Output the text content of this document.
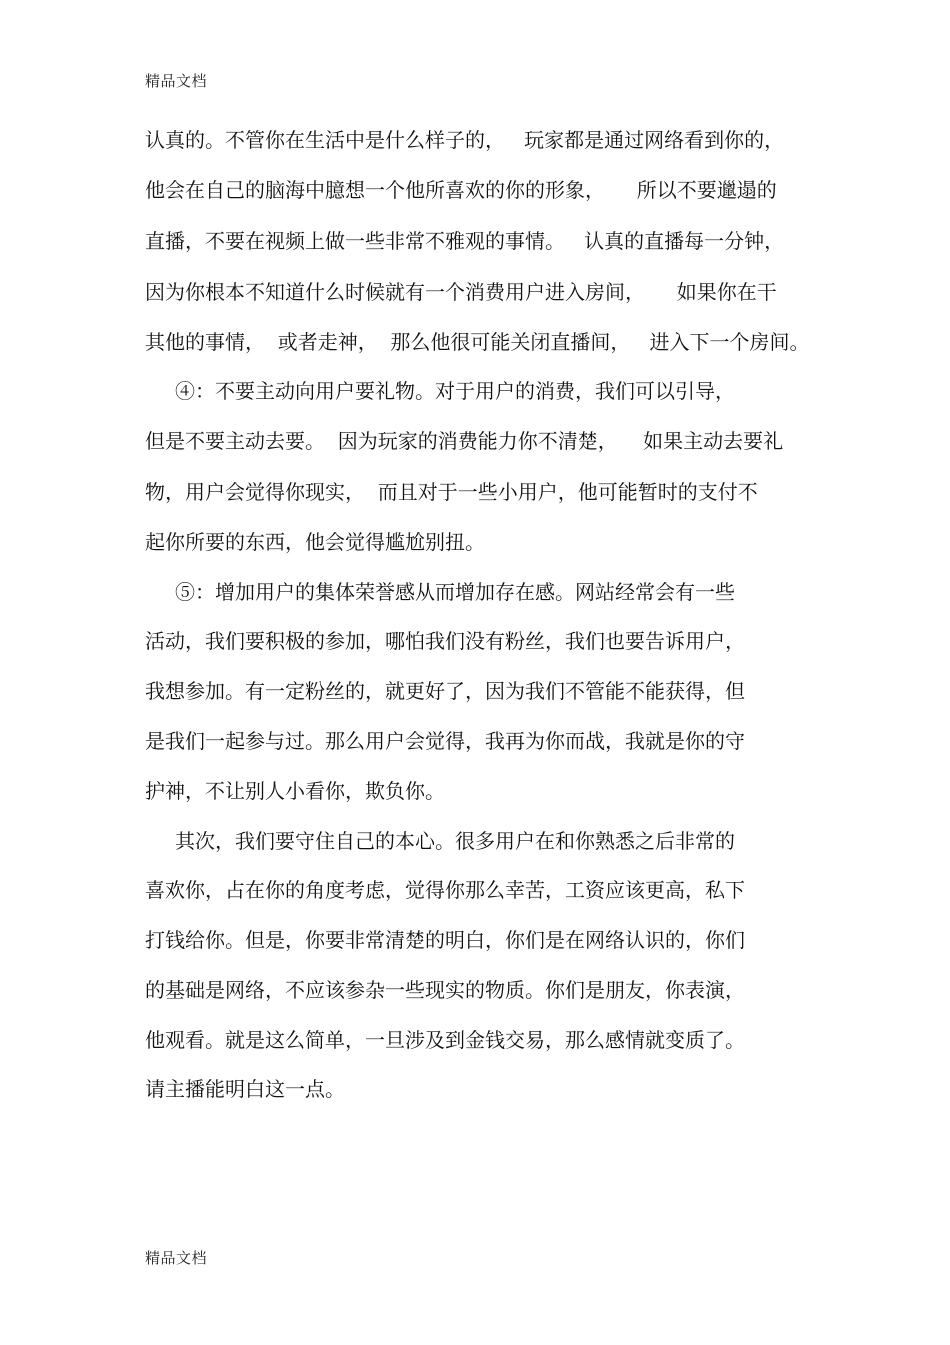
精品文档
认真的。不管你在生活中是什么样子的，   玩家都是通过网络看到你的，
他会在自己的脑海中臆想一个他所喜欢的你的形象，     所以不要邋遢的
直播，不要在视频上做一些非常不雅观的事情。   认真的直播每一分钟，
因为你根本不知道什么时候就有一个消费用户进入房间，     如果你在干
其他的事情，  或者走神，  那么他很可能关闭直播间，   进入下一个房间。
④：不要主动向用户要礼物。对于用户的消费，我们可以引导，
但是不要主动去要。  因为玩家的消费能力你不清楚，    如果主动去要礼
物，用户会觉得你现实，  而且对于一些小用户，他可能暂时的支付不
起你所要的东西，他会觉得尴尬别扭。
⑤：增加用户的集体荣誉感从而增加存在感。网站经常会有一些
活动，我们要积极的参加，哪怕我们没有粉丝，我们也要告诉用户，
我想参加。有一定粉丝的，就更好了，因为我们不管能不能获得，但
是我们一起参与过。那么用户会觉得，我再为你而战，我就是你的守
护神，不让别人小看你，欺负你。
其次，我们要守住自己的本心。很多用户在和你熟悉之后非常的
喜欢你，占在你的角度考虑，觉得你那么幸苦，工资应该更高，私下
打钱给你。但是，你要非常清楚的明白，你们是在网络认识的，你们
的基础是网络，不应该参杂一些现实的物质。你们是朋友，你表演，
他观看。就是这么简单，一旦涉及到金钱交易，那么感情就变质了。
请主播能明白这一点。
精品文档
